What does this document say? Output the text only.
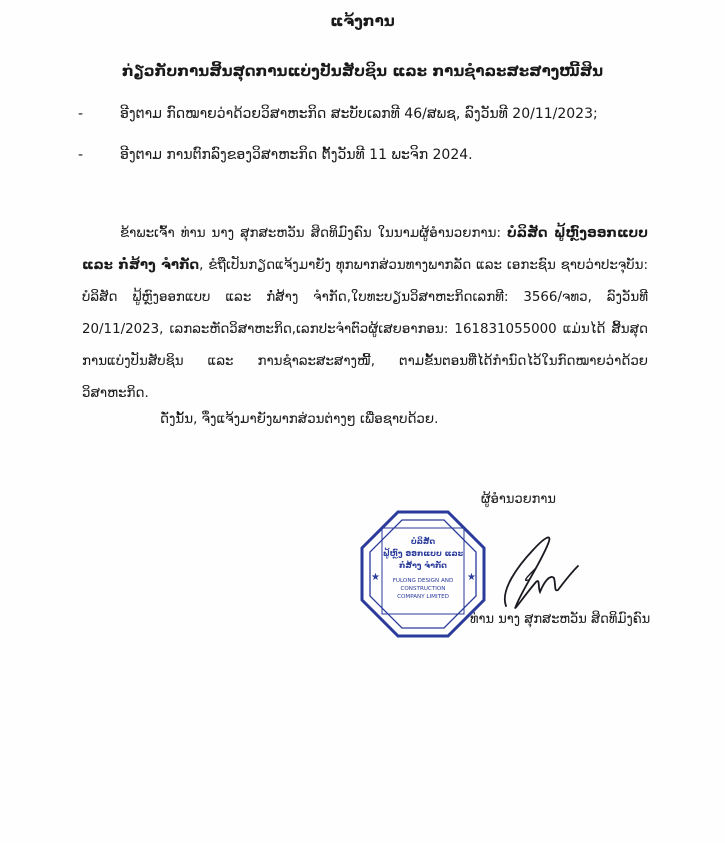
ແຈ້ງການ
ກ່ຽວກັບການສິ້ນສຸດການແບ່ງປັນສັບຊິນ ແລະ ການຊໍາລະສະສາງໜີ້ສິນ
-	ອີງຕາມ ກົດໝາຍວ່າດ້ວຍວິສາຫະກິດ ສະບັບເລກທີ 46/ສພຊ, ລົງວັນທີ 20/11/2023;
-	ອີງຕາມ ການຕົກລົງຂອງວິສາຫະກິດ ຕັ້ງວັນທີ 11 ພະຈິກ 2024.
ຂ້າພະເຈົ້າ ທ່ານ ນາງ ສຸກສະຫວັນ ສິດທິມົງຄົນ ໃນນາມຜູ້ອໍານວຍການ: ບໍລິສັດ ຟູ້ຫຼົງອອກແບບ ແລະ ກໍ່ສ້າງ ຈໍາກັດ, ຂໍຖືເປັນກຽດແຈ້ງມາຍັງ ທຸກພາກສ່ວນທາງພາກລັດ ແລະ ເອກະຊົນ ຊາບວ່າປະຈຸບັນ: ບໍລິສັດ ຟູ້ຫຼົງອອກແບບ ແລະ ກໍ່ສ້າງ ຈໍາກັດ,ໃບທະບຽນວິສາຫະກິດເລກທີ: 3566/ຈທວ, ລົງວັນທີ 20/11/2023, ເລກລະຫັດວິສາຫະກິດ,ເລກປະຈໍາຕົວຜູ້ເສຍອາກອນ: 161831055000 ແມ່ນໄດ້ ສິ້ນສຸດການແບ່ງປັນສັບຊິນ ແລະ ການຊໍາລະສະສາງໜີ້, ຕາມຂັ້ນຕອນທີ່ໄດ້ກໍານົດໄວ້ໃນກົດໝາຍວ່າດ້ວຍວິສາຫະກິດ.
ດັ່ງນັ້ນ, ຈຶ່ງແຈ້ງມາຍັງພາກສ່ວນຕ່າງໆ ເພື່ອຊາບດ້ວຍ.
ຜູ້ອໍານວຍການ
★	★
ບໍລິສັດ
ຟູ້ຫຼົງ ອອກແບບ ແລະ
ກໍ່ສ້າງ ຈໍາກັດ
FULONG DESIGN AND
CONSTRUCTION
COMPANY LIMITED
ທ່ານ ນາງ ສຸກສະຫວັນ ສິດທິມົງຄົນ
